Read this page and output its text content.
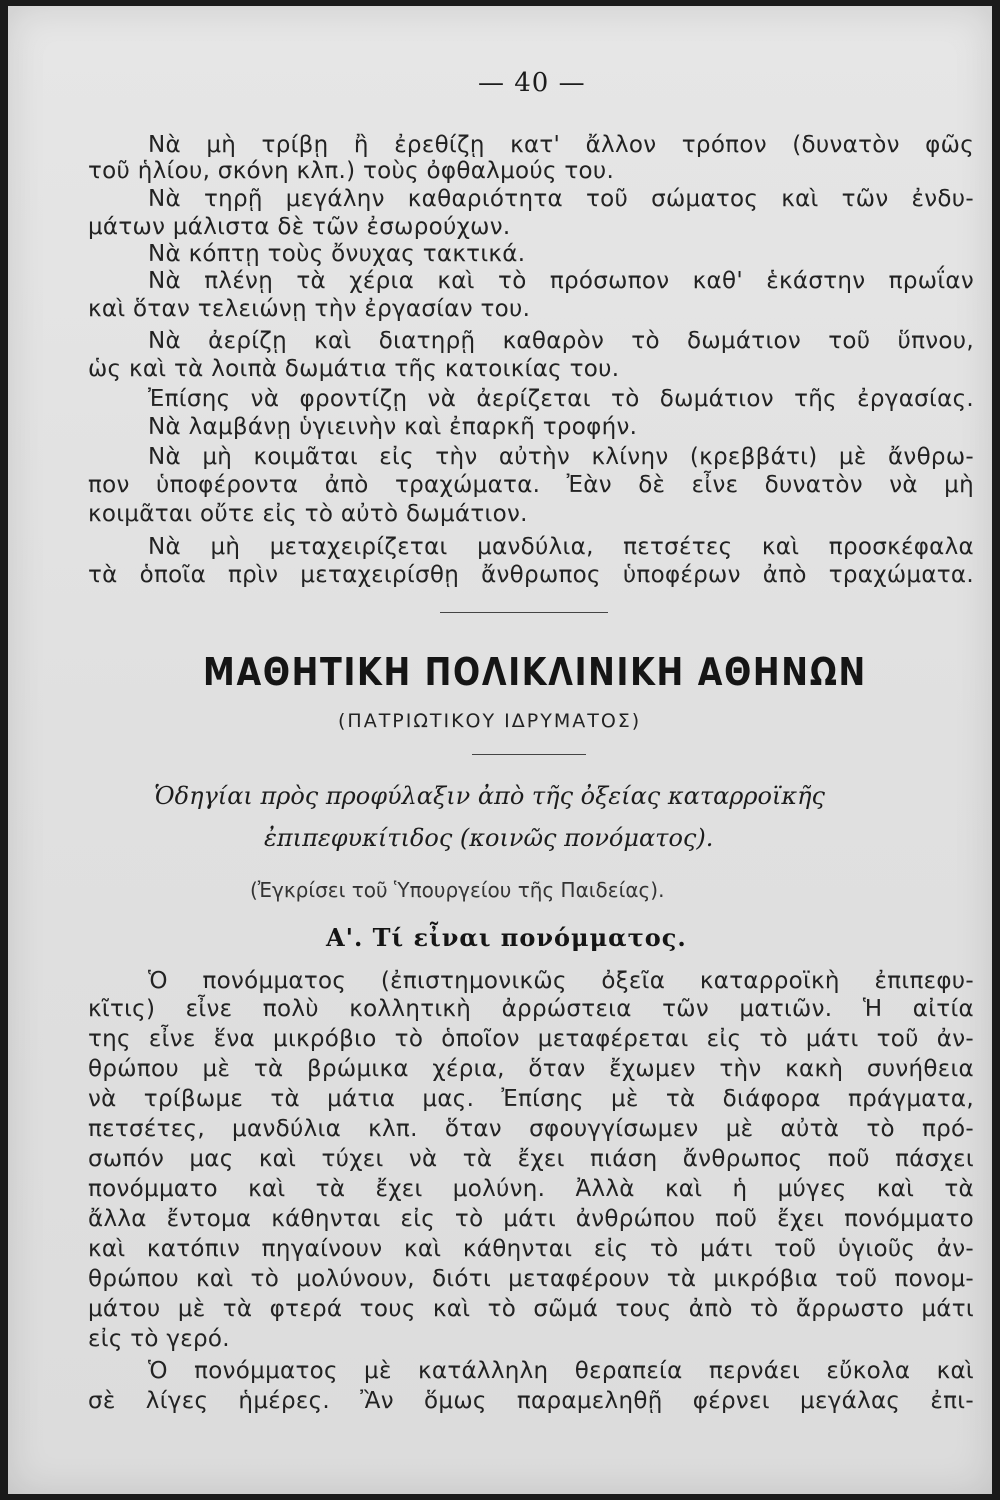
— 40 —
Νὰ μὴ τρίβῃ ἢ ἐρεθίζῃ κατ' ἄλλον τρόπον (δυνατὸν φῶς
τοῦ ἡλίου, σκόνη κλπ.) τοὺς ὀφθαλμούς του.
Νὰ τηρῇ μεγάλην καθαριότητα τοῦ σώματος καὶ τῶν ἐνδυ-
μάτων μάλιστα δὲ τῶν ἐσωρούχων.
Νὰ κόπτῃ τοὺς ὄνυχας τακτικά.
Νὰ πλένῃ τὰ χέρια καὶ τὸ πρόσωπον καθ' ἑκάστην πρωΐαν
καὶ ὅταν τελειώνῃ τὴν ἐργασίαν του.
Νὰ ἀερίζῃ καὶ διατηρῇ καθαρὸν τὸ δωμάτιον τοῦ ὕπνου,
ὡς καὶ τὰ λοιπὰ δωμάτια τῆς κατοικίας του.
Ἐπίσης νὰ φροντίζῃ νὰ ἀερίζεται τὸ δωμάτιον τῆς ἐργασίας.
Νὰ λαμβάνῃ ὑγιεινὴν καὶ ἐπαρκῆ τροφήν.
Νὰ μὴ κοιμᾶται εἰς τὴν αὐτὴν κλίνην (κρεββάτι) μὲ ἄνθρω-
πον ὑποφέροντα ἀπὸ τραχώματα. Ἐὰν δὲ εἶνε δυνατὸν νὰ μὴ
κοιμᾶται οὔτε εἰς τὸ αὐτὸ δωμάτιον.
Νὰ μὴ μεταχειρίζεται μανδύλια, πετσέτες καὶ προσκέφαλα
τὰ ὁποῖα πρὶν μεταχειρίσθῃ ἄνθρωπος ὑποφέρων ἀπὸ τραχώματα.
ΜΑΘΗΤΙΚΗ ΠΟΛΙΚΛΙΝΙΚΗ ΑΘΗΝΩΝ
(ΠΑΤΡΙΩΤΙΚΟΥ ΙΔΡΥΜΑΤΟΣ)
Ὁδηγίαι πρὸς προφύλαξιν ἀπὸ τῆς ὀξείας καταρροϊκῆς
ἐπιπεφυκίτιδος (κοινῶς πονόματος).
(Ἐγκρίσει τοῦ Ὑπουργείου τῆς Παιδείας).
Α'. Τί εἶναι πονόμματος.
Ὁ πονόμματος (ἐπιστημονικῶς ὀξεῖα καταρροϊκὴ ἐπιπεφυ-
κῖτις) εἶνε πολὺ κολλητικὴ ἀρρώστεια τῶν ματιῶν. Ἡ αἰτία
της εἶνε ἕνα μικρόβιο τὸ ὁποῖον μεταφέρεται εἰς τὸ μάτι τοῦ ἀν-
θρώπου μὲ τὰ βρώμικα χέρια, ὅταν ἔχωμεν τὴν κακὴ συνήθεια
νὰ τρίβωμε τὰ μάτια μας. Ἐπίσης μὲ τὰ διάφορα πράγματα,
πετσέτες, μανδύλια κλπ. ὅταν σφουγγίσωμεν μὲ αὐτὰ τὸ πρό-
σωπόν μας καὶ τύχει νὰ τὰ ἔχει πιάση ἄνθρωπος ποῦ πάσχει
πονόμματο καὶ τὰ ἔχει μολύνη. Ἀλλὰ καὶ ἡ μύγες καὶ τὰ
ἄλλα ἔντομα κάθηνται εἰς τὸ μάτι ἀνθρώπου ποῦ ἔχει πονόμματο
καὶ κατόπιν πηγαίνουν καὶ κάθηνται εἰς τὸ μάτι τοῦ ὑγιοῦς ἀν-
θρώπου καὶ τὸ μολύνουν, διότι μεταφέρουν τὰ μικρόβια τοῦ πονομ-
μάτου μὲ τὰ φτερά τους καὶ τὸ σῶμά τους ἀπὸ τὸ ἄρρωστο μάτι
εἰς τὸ γερό.
Ὁ πονόμματος μὲ κατάλληλη θεραπεία περνάει εὔκολα καὶ
σὲ λίγες ἡμέρες. Ἂν ὅμως παραμεληθῇ φέρνει μεγάλας ἐπι-
